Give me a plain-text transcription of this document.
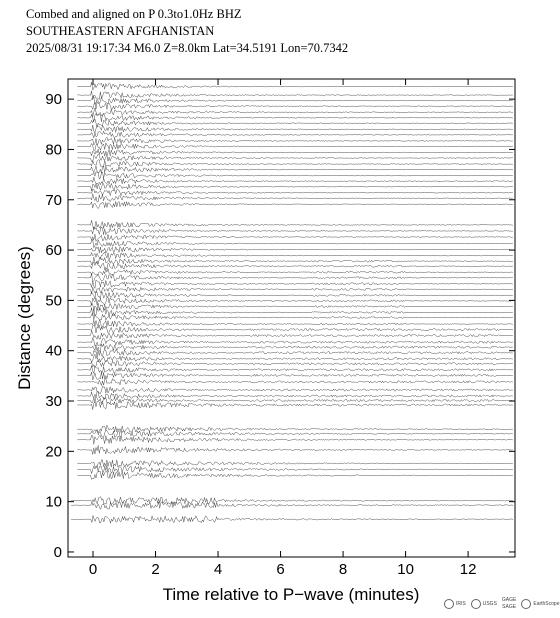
Combed and aligned on P 0.3to1.0Hz BHZ
SOUTHEASTERN AFGHANISTAN
2025/08/31 19:17:34 M6.0 Z=8.0km Lat=34.5191 Lon=70.7342
0	2	4	6	8	10	12
0
10
20
30
40
50
60
70
80
90
Time relative to P−wave (minutes)
Distance (degrees)
IRIS	USGS
GAGE
SAGE	EarthScope
